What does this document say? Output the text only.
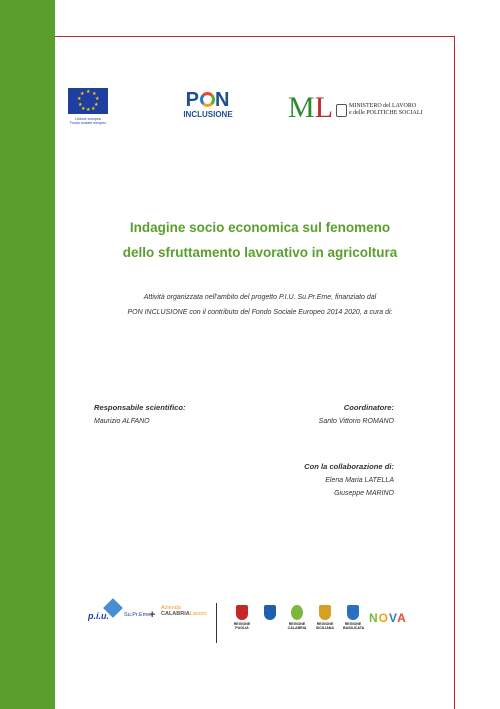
★ ★
★
★
★
★
★
★
★
★
Unione europea
Fondo sociale europeo
P N
INCLUSIONE ML	MINISTERO del LAVORO
e delle POLITICHE SOCIALI
Indagine socio economica sul fenomeno
dello sfruttamento lavorativo in agricoltura
Attività organizzata nell'ambito del progetto P.I.U. Su.Pr.Eme, finanziato dal
PON INCLUSIONE con il contributo del Fondo Sociale Europeo 2014 2020, a cura di:
Responsabile scientifico:
Maurizio ALFANO
Coordinatore:
Santo Vittorio ROMANO
Con la collaborazione di:
Elena Maria LATELLA
Giuseppe MARINO
p.i.u.	Su.Pr.Eme.
+
Azienda
CALABRIALavoro
REGIONE PUGLIA
REGIONE CALABRIA
REGIONE SICILIANA
REGIONE BASILICATA
NOVA
